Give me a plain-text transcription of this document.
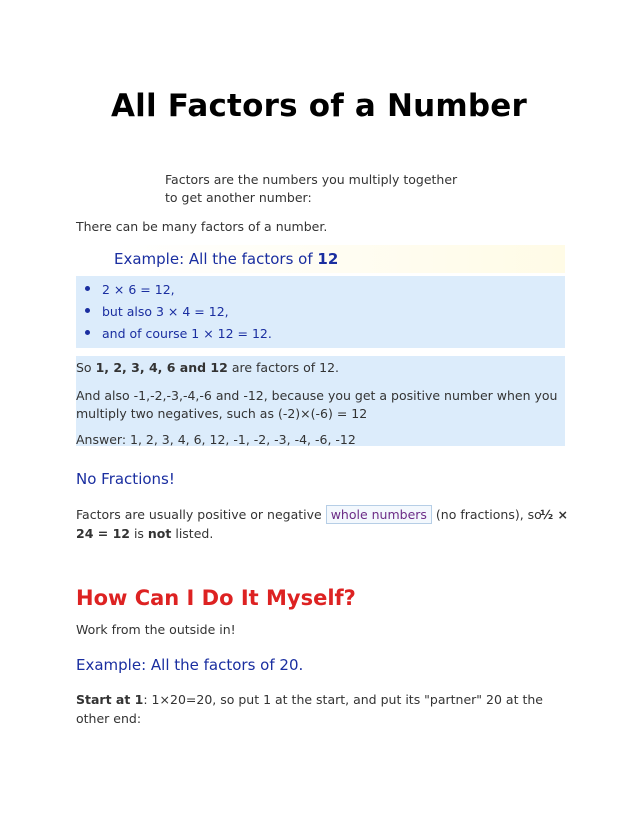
All Factors of a Number
Factors are the numbers you multiply together
to get another number:
There can be many factors of a number.
Example: All the factors of 12
2 × 6 = 12,
but also 3 × 4 = 12,
and of course 1 × 12 = 12.
So 1, 2, 3, 4, 6 and 12 are factors of 12.
And also -1,-2,-3,-4,-6 and -12, because you get a positive number when you
multiply two negatives, such as (-2)×(-6) = 12
Answer: 1, 2, 3, 4, 6, 12, -1, -2, -3, -4, -6, -12
No Fractions!
Factors are usually positive or negative whole numbers (no fractions), so
½ ×
24 = 12 is not listed.
How Can I Do It Myself?
Work from the outside in!
Example: All the factors of 20.
Start at 1: 1×20=20, so put 1 at the start, and put its "partner" 20 at the
other end:
